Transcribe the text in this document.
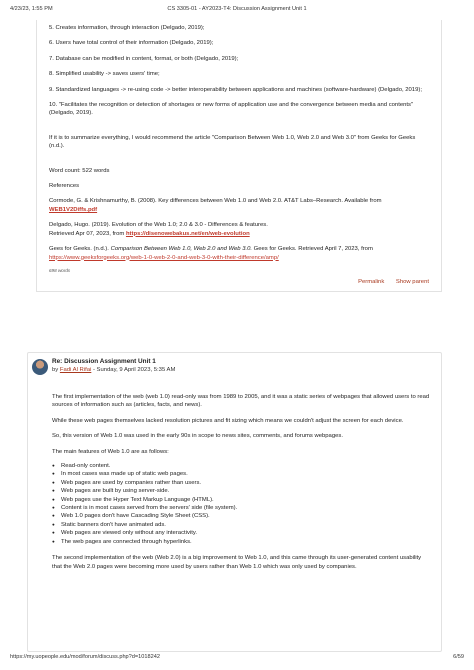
4/23/23, 1:55 PM	CS 3305-01 - AY2023-T4: Discussion Assignment Unit 1

5. Creates information, through interaction (Delgado, 2019);

6. Users have total control of their information (Delgado, 2019);

7. Database can be modified in content, format, or both (Delgado, 2019);

8. Simplified usability -> saves users' time;

9. Standardized languages -> re-using code -> better interoperability between applications and machines (software-hardware) (Delgado, 2019);

10. "Facilitates the recognition or detection of shortages or new forms of application use and the convergence between media and contents" (Delgado, 2019).

If it is to summarize everything, I would recommend the article "Comparison Between Web 1.0, Web 2.0 and Web 3.0" from Geeks for Geeks (n.d.).

Word count: 522 words

References

Cormode, G. & Krishnamurthy, B. (2008). Key differences between Web 1.0 and Web 2.0. AT&T Labs–Research. Available from WEB1V2Diffs.pdf

Delgado, Hugo. (2019). Evolution of the Web 1.0; 2.0 & 3.0 - Differences & features.
Retrieved Apr 07, 2023, from https://disenowebakus.net/en/web-evolution

Gees for Geeks. (n.d.). Comparison Between Web 1.0, Web 2.0 and Web 3.0. Gees for Geeks. Retrieved April 7, 2023, from https://www.geeksforgeeks.org/web-1-0-web-2-0-and-web-3-0-with-their-difference/amp/

698 words

Permalink Show parent
Re: Discussion Assignment Unit 1
by Fadi Al Rifai - Sunday, 9 April 2023, 5:35 AM

The first implementation of the web (web 1.0) read-only was from 1989 to 2005, and it was a static series of webpages that allowed users to read sources of information such as (articles, facts, and news).

While these web pages themselves lacked resolution pictures and fit sizing which means we couldn't adjust the screen for each device.

So, this version of Web 1.0 was used in the early 90s in scope to news sites, comments, and forums webpages.

The main features of Web 1.0 are as follows:

● Read-only content.
● In most cases was made up of static web pages.
● Web pages are used by companies rather than users.
● Web pages are built by using server-side.
● Web pages use the Hyper Text Markup Language (HTML).
● Content is in most cases served from the servers' side (file system).
● Web 1.0 pages don't have Cascading Style Sheet (CSS).
● Static banners don't have animated ads.
● Web pages are viewed only without any interactivity.
● The web pages are connected through hyperlinks.

The second implementation of the web (Web 2.0) is a big improvement to Web 1.0, and this came through its user-generated content usability that the Web 2.0 pages were becoming more used by users rather than Web 1.0 which was only used by companies.

https://my.uopeople.edu/mod/forum/discuss.php?d=1018242	6/59
